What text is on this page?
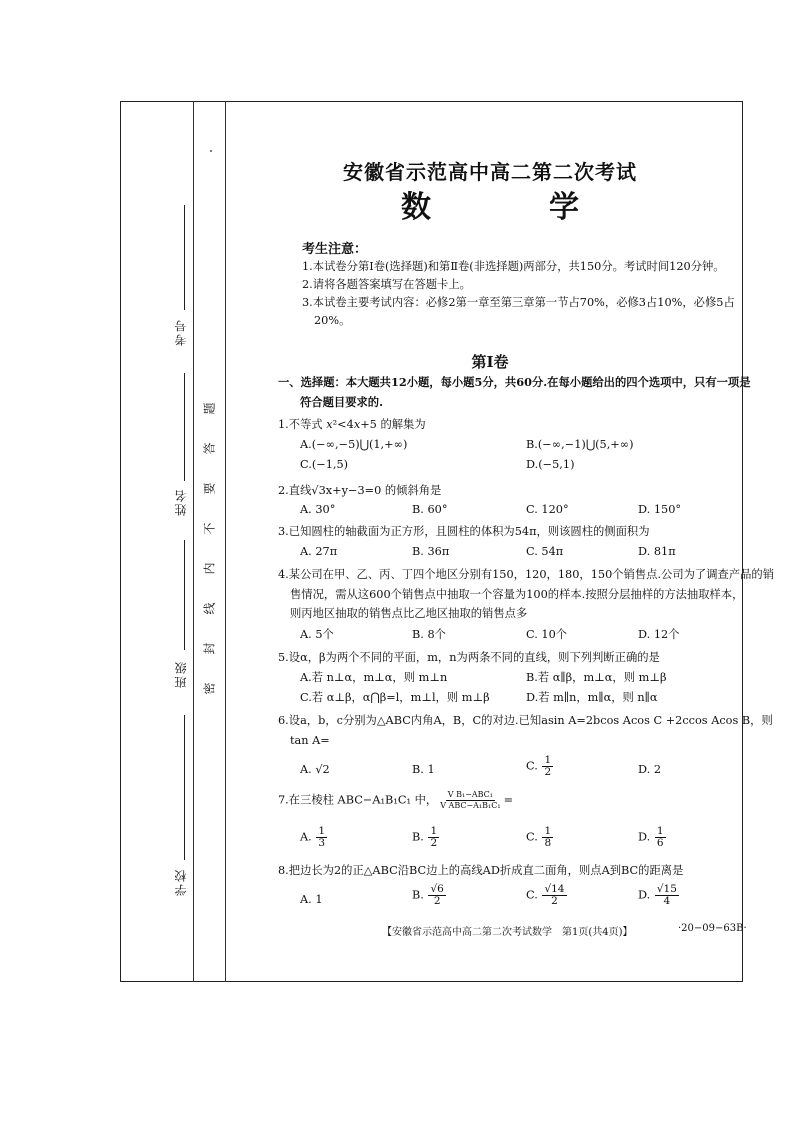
考号
姓名
班级
学校
密
封
线
内
不
要
答
题
安徽省示范高中高二第二次考试
数　学
考生注意：
1.本试卷分第Ⅰ卷(选择题)和第Ⅱ卷(非选择题)两部分，共150分。考试时间120分钟。
2.请将各题答案填写在答题卡上。
3.本试卷主要考试内容：必修2第一章至第三章第一节占70%，必修3占10%，必修5占
20%。
第Ⅰ卷
一、选择题：本大题共12小题，每小题5分，共60分.在每小题给出的四个选项中，只有一项是
符合题目要求的.
1.不等式 x²<4x+5 的解集为
A.(−∞,−5)⋃(1,+∞)	B.(−∞,−1)⋃(5,+∞)
C.(−1,5)	D.(−5,1)
2.直线√3x+y−3=0 的倾斜角是
A. 30°	B. 60°	C. 120°	D. 150°
3.已知圆柱的轴截面为正方形，且圆柱的体积为54π，则该圆柱的侧面积为
A. 27π	B. 36π	C. 54π	D. 81π
4.某公司在甲、乙、丙、丁四个地区分别有150，120，180，150个销售点.公司为了调查产品的销
售情况，需从这600个销售点中抽取一个容量为100的样本.按照分层抽样的方法抽取样本，
则丙地区抽取的销售点比乙地区抽取的销售点多
A. 5个	B. 8个	C. 10个	D. 12个
5.设α，β为两个不同的平面，m，n为两条不同的直线，则下列判断正确的是
A.若 n⊥α，m⊥α，则 m⊥n	B.若 α∥β，m⊥α，则 m⊥β
C.若 α⊥β，α⋂β=l，m⊥l，则 m⊥β	D.若 m∥n，m∥α，则 n∥α
6.设a，b，c分别为△ABC内角A，B，C的对边.已知asin A=2bcos Acos C +2ccos Acos B，则
tan A=
A. √2	B. 1	C. $\frac{1}{2}$	D. 2
7.在三棱柱 ABC−A₁B₁C₁ 中， $\frac{\text{V B₁−ABC₁}}{\text{V ABC−A₁B₁C₁}}$ =
A. $\frac{1}{3}$	B. $\frac{1}{2}$	C. $\frac{1}{8}$	D. $\frac{1}{6}$
8.把边长为2的正△ABC沿BC边上的高线AD折成直二面角，则点A到BC的距离是
A. 1	B. $\frac{√6}{2}$	C. $\frac{√14}{2}$	D. $\frac{√15}{4}$
【安徽省示范高中高二第二次考试数学　第1页(共4页)】	·20−09−63B·
